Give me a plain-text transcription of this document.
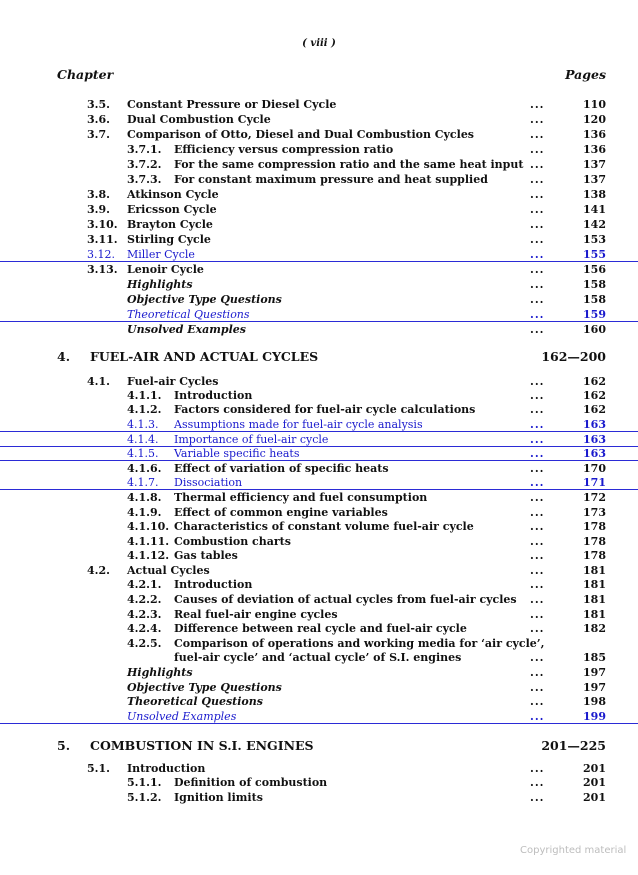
( viii )
Chapter	Pages
3.5. Constant Pressure or Diesel Cycle	...	110
3.6. Dual Combustion Cycle	...	120
3.7. Comparison of Otto, Diesel and Dual Combustion Cycles	...	136
3.7.1. Efficiency versus compression ratio	...	136
3.7.2. For the same compression ratio and the same heat input ...	137
3.7.3. For constant maximum pressure and heat supplied	...	137
3.8. Atkinson Cycle	...	138
3.9. Ericsson Cycle	...	141
3.10. Brayton Cycle	...	142
3.11. Stirling Cycle	...	153
3.12. Miller Cycle	...	155
3.13. Lenoir Cycle	...	156
Highlights	...	158
Objective Type Questions	...	158
Theoretical Questions	...	159
Unsolved Examples	...	160
4. FUEL-AIR AND ACTUAL CYCLES	162—200
4.1. Fuel-air Cycles	...	162
4.1.1. Introduction	...	162
4.1.2. Factors considered for fuel-air cycle calculations	...	162
4.1.3. Assumptions made for fuel-air cycle analysis	...	163
4.1.4. Importance of fuel-air cycle	...	163
4.1.5. Variable specific heats	...	163
4.1.6. Effect of variation of specific heats	...	170
4.1.7. Dissociation	...	171
4.1.8. Thermal efficiency and fuel consumption	...	172
4.1.9. Effect of common engine variables	...	173
4.1.10. Characteristics of constant volume fuel-air cycle	...	178
4.1.11. Combustion charts	...	178
4.1.12. Gas tables	...	178
4.2. Actual Cycles	...	181
4.2.1. Introduction	...	181
4.2.2. Causes of deviation of actual cycles from fuel-air cycles ...	181
4.2.3. Real fuel-air engine cycles	...	181
4.2.4. Difference between real cycle and fuel-air cycle	...	182
4.2.5. Comparison of operations and working media for ‘air cycle’,
fuel-air cycle’ and ‘actual cycle’ of S.I. engines	...	185
Highlights	...	197
Objective Type Questions	...	197
Theoretical Questions	...	198
Unsolved Examples	...	199
5. COMBUSTION IN S.I. ENGINES	201—225
5.1. Introduction	...	201
5.1.1. Definition of combustion	...	201
5.1.2. Ignition limits	...	201
Copyrighted material
